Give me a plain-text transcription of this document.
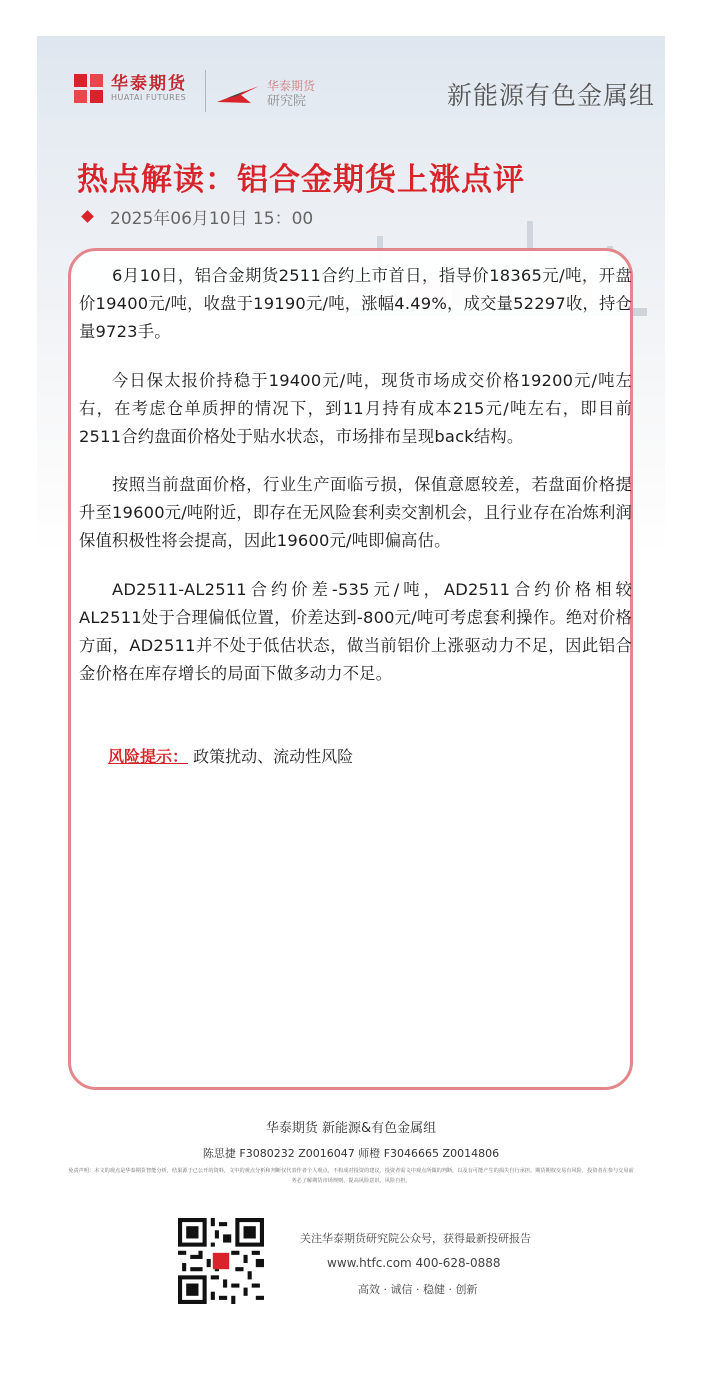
华泰期货
HUATAI FUTURES
华泰期货
研究院	新能源有色金属组
热点解读：铝合金期货上涨点评
2025年06月10日 15：00
6月10日，铝合金期货2511合约上市首日，指导价18365元/吨，开盘价19400元/吨，收盘于19190元/吨，涨幅4.49%，成交量52297收，持仓量9723手。
今日保太报价持稳于19400元/吨，现货市场成交价格19200元/吨左右，在考虑仓单质押的情况下，到11月持有成本215元/吨左右，即目前2511合约盘面价格处于贴水状态，市场排布呈现back结构。
按照当前盘面价格，行业生产面临亏损，保值意愿较差，若盘面价格提升至19600元/吨附近，即存在无风险套利卖交割机会，且行业存在冶炼利润保值积极性将会提高，因此19600元/吨即偏高估。
AD2511-AL2511合约价差-535元/吨，AD2511合约价格相较AL2511处于合理偏低位置，价差达到-800元/吨可考虑套利操作。绝对价格方面，AD2511并不处于低估状态，做当前铝价上涨驱动力不足，因此铝合金价格在库存增长的局面下做多动力不足。
风险提示： 政策扰动、流动性风险
华泰期货 新能源&有色金属组
陈思捷 F3080232 Z0016047 师橙 F3046665 Z0014806
免责声明：本文的观点是华泰期货智能分析，结果源于已公开的资料，文中的观点分析和判断仅代表作者个人观点，不构成对投资的建议，投资者需文中观点所做的判断，以及有可能产生的损失自行承担。期货期权交易有风险，投资者在参与交易前务必了解期货市场规则，提高风险意识，风险自担。
关注华泰期货研究院公众号，获得最新投研报告
www.htfc.com 400-628-0888
高效 · 诚信 · 稳健 · 创新
